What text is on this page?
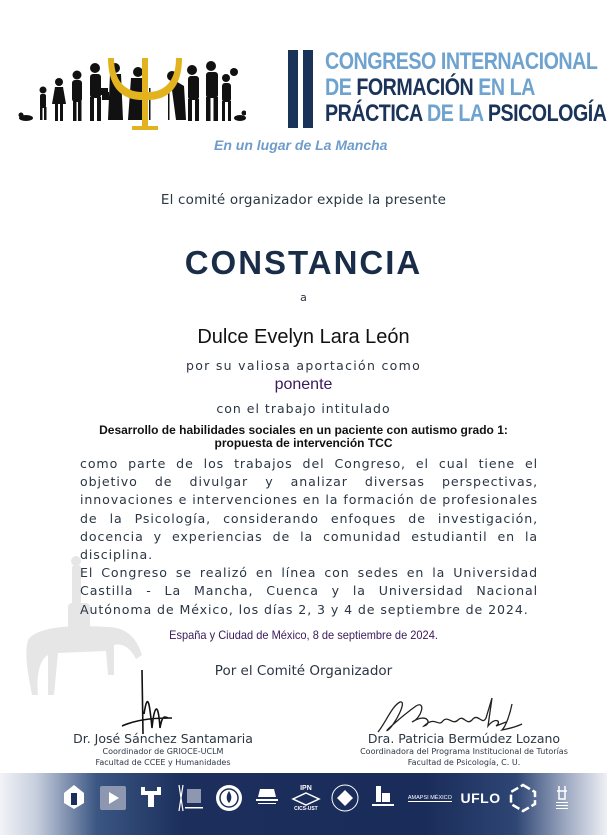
CONGRESO INTERNACIONAL
DE FORMACIÓN EN LA
PRÁCTICA DE LA PSICOLOGÍA
En un lugar de La Mancha
El comité organizador expide la presente
CONSTANCIA
a
Dulce Evelyn Lara León
por su valiosa aportación como
ponente
con el trabajo intitulado
Desarrollo de habilidades sociales en un paciente con autismo grado 1:
propuesta de intervención TCC

como parte de los trabajos del Congreso, el cual tiene el objetivo de divulgar y analizar diversas perspectivas, innovaciones e intervenciones en la formación de profesionales de la Psicología, considerando enfoques de investigación, docencia y experiencias de la comunidad estudiantil en la disciplina.

El Congreso se realizó en línea con sedes en la Universidad Castilla - La Mancha, Cuenca y la Universidad Nacional Autónoma de México, los días 2, 3 y 4 de septiembre de 2024.

España y Ciudad de México, 8 de septiembre de 2024.
Por el Comité Organizador
Dr. José Sánchez Santamaria
Coordinador de GRIOCE-UCLM
Facultad de CCEE y Humanidades
Dra. Patricia Bermúdez Lozano
Coordinadora del Programa Institucional de Tutorías
Facultad de Psicología, C. U.
IPN
CICS-UST
AMAPSI MÉXICO UFLO
